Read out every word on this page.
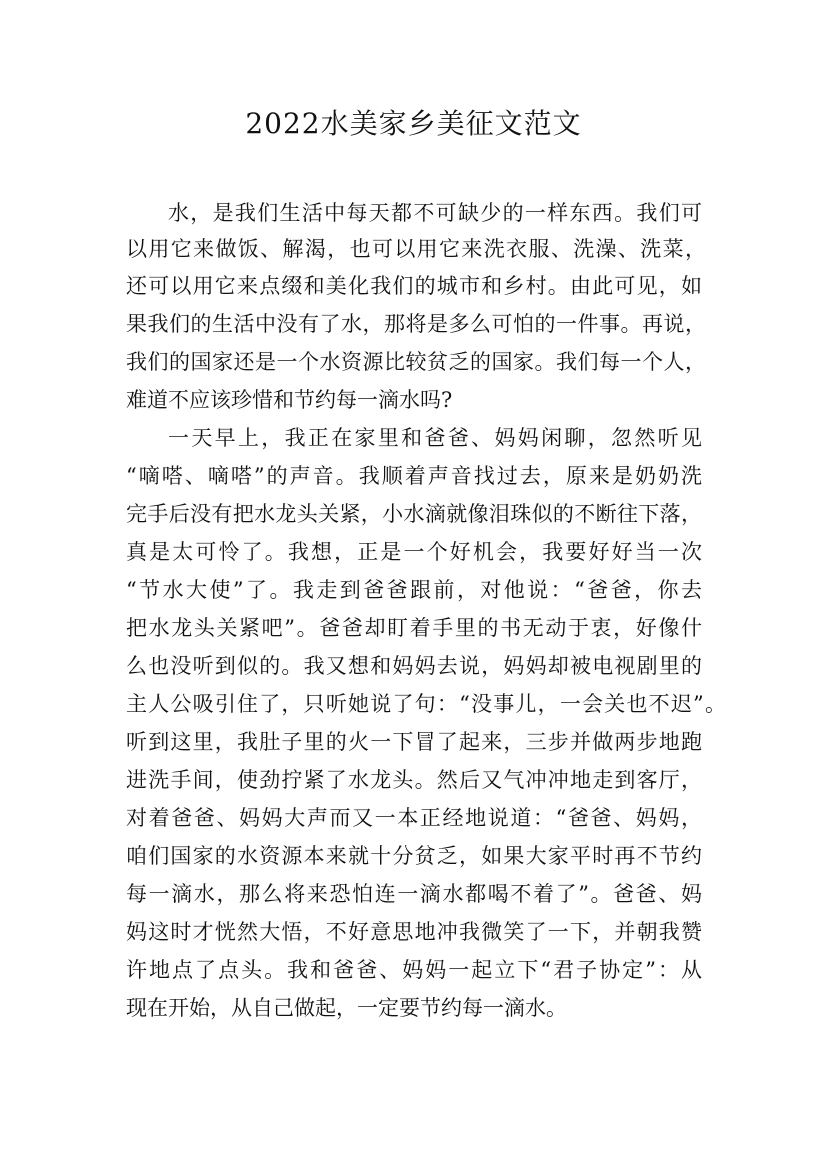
2022水美家乡美征文范文
水，是我们生活中每天都不可缺少的一样东西。我们可
以用它来做饭、解渴，也可以用它来洗衣服、洗澡、洗菜，
还可以用它来点缀和美化我们的城市和乡村。由此可见，如
果我们的生活中没有了水，那将是多么可怕的一件事。再说，
我们的国家还是一个水资源比较贫乏的国家。我们每一个人，
难道不应该珍惜和节约每一滴水吗?
一天早上，我正在家里和爸爸、妈妈闲聊，忽然听见
“嘀嗒、嘀嗒”的声音。我顺着声音找过去，原来是奶奶洗
完手后没有把水龙头关紧，小水滴就像泪珠似的不断往下落，
真是太可怜了。我想，正是一个好机会，我要好好当一次
“节水大使”了。我走到爸爸跟前，对他说：“爸爸，你去
把水龙头关紧吧”。爸爸却盯着手里的书无动于衷，好像什
么也没听到似的。我又想和妈妈去说，妈妈却被电视剧里的
主人公吸引住了，只听她说了句：“没事儿，一会关也不迟”。
听到这里，我肚子里的火一下冒了起来，三步并做两步地跑
进洗手间，使劲拧紧了水龙头。然后又气冲冲地走到客厅，
对着爸爸、妈妈大声而又一本正经地说道：“爸爸、妈妈，
咱们国家的水资源本来就十分贫乏，如果大家平时再不节约
每一滴水，那么将来恐怕连一滴水都喝不着了”。爸爸、妈
妈这时才恍然大悟，不好意思地冲我微笑了一下，并朝我赞
许地点了点头。我和爸爸、妈妈一起立下“君子协定”：从
现在开始，从自己做起，一定要节约每一滴水。
